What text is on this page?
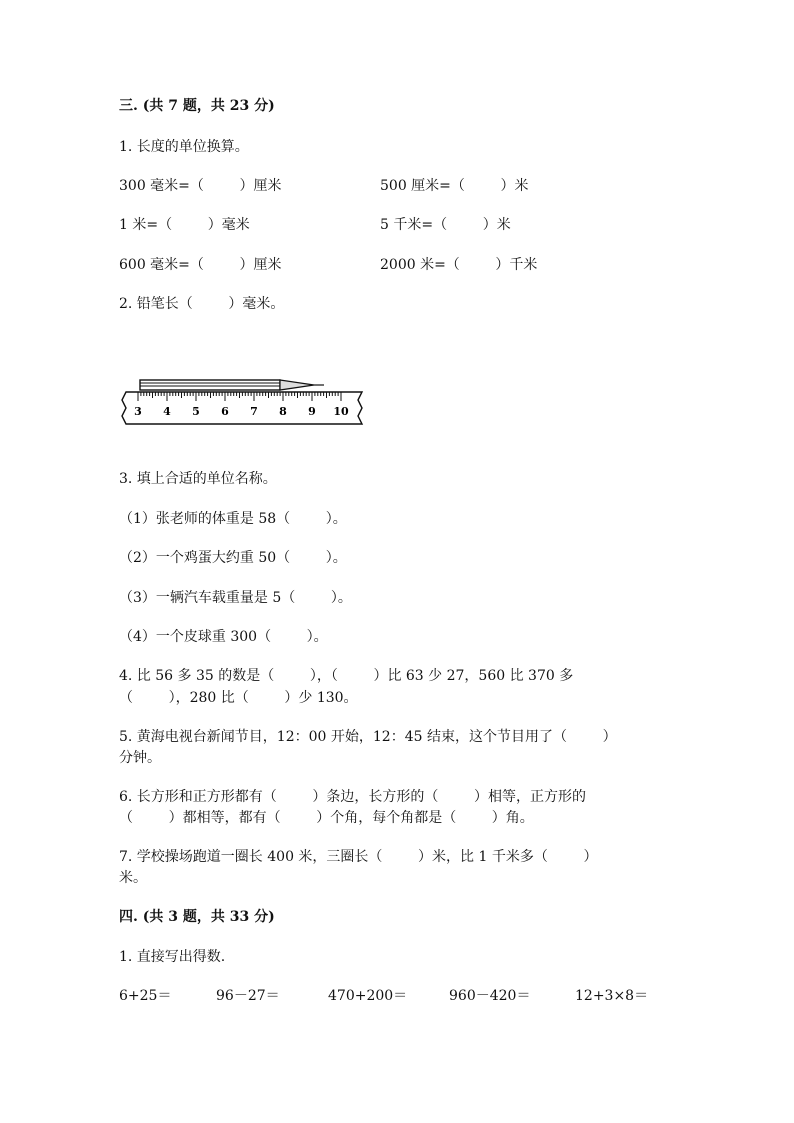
三. (共 7 题，共 23 分)
1. 长度的单位换算。
300 毫米=（        ）厘米	500 厘米=（        ）米
1 米=（        ）毫米	5 千米=（        ）米
600 毫米=（        ）厘米	2000 米=（        ）千米
2. 铅笔长（        ）毫米。
3 4 5 6 7 8 9 10
3. 填上合适的单位名称。
（1）张老师的体重是 58（        ）。
（2）一个鸡蛋大约重 50（        ）。
（3）一辆汽车载重量是 5（        ）。
（4）一个皮球重 300（        ）。
4. 比 56 多 35 的数是（        ），（        ）比 63 少 27，560 比 370 多
（        ），280 比（        ）少 130。
5. 黄海电视台新闻节目，12：00 开始，12：45 结束，这个节目用了（        ）
分钟。
6. 长方形和正方形都有（        ）条边，长方形的（        ）相等，正方形的
（        ）都相等，都有（        ）个角，每个角都是（        ）角。
7. 学校操场跑道一圈长 400 米，三圈长（        ）米，比 1 千米多（        ）
米。
四. (共 3 题，共 33 分)
1. 直接写出得数.
6+25＝	96－27＝	470+200＝	960－420＝	12+3×8＝
